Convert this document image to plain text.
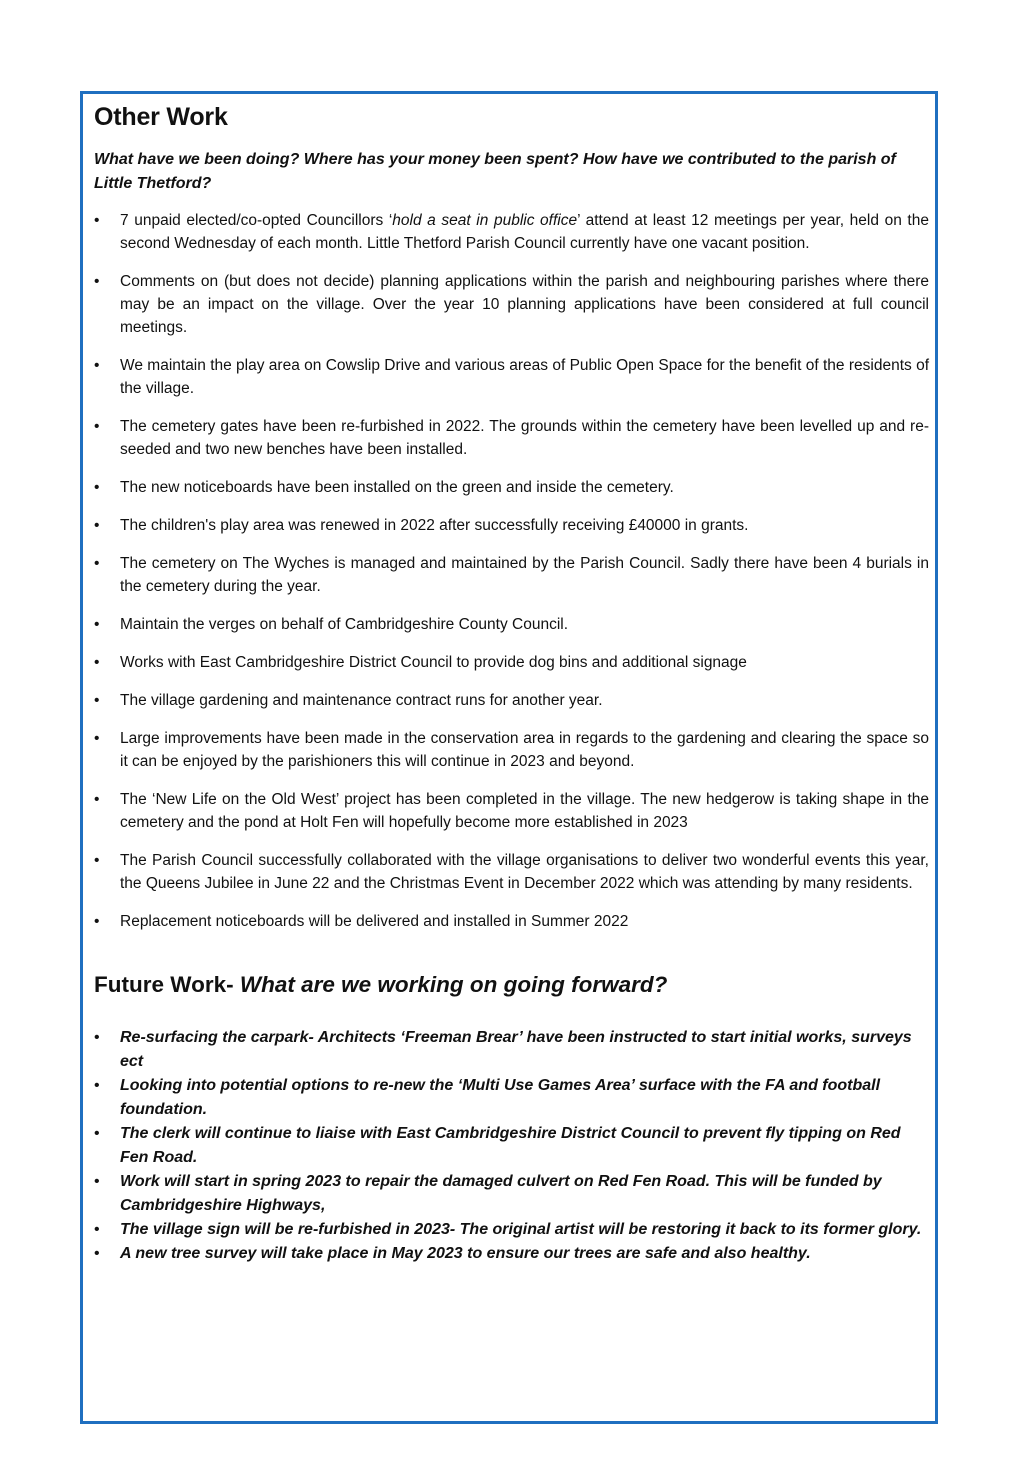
Other Work

What have we been doing? Where has your money been spent? How have we contributed to the parish of Little Thetford?

• 7 unpaid elected/co-opted Councillors ‘hold a seat in public office’ attend at least 12 meetings per year, held on the second Wednesday of each month. Little Thetford Parish Council currently have one vacant position.
• Comments on (but does not decide) planning applications within the parish and neighbouring parishes where there may be an impact on the village. Over the year 10 planning applications have been considered at full council meetings.
• We maintain the play area on Cowslip Drive and various areas of Public Open Space for the benefit of the residents of the village.
• The cemetery gates have been re-furbished in 2022. The grounds within the cemetery have been levelled up and re-seeded and two new benches have been installed.
• The new noticeboards have been installed on the green and inside the cemetery.
• The children's play area was renewed in 2022 after successfully receiving £40000 in grants.
• The cemetery on The Wyches is managed and maintained by the Parish Council. Sadly there have been 4 burials in the cemetery during the year.
• Maintain the verges on behalf of Cambridgeshire County Council.
• Works with East Cambridgeshire District Council to provide dog bins and additional signage
• The village gardening and maintenance contract runs for another year.
• Large improvements have been made in the conservation area in regards to the gardening and clearing the space so it can be enjoyed by the parishioners this will continue in 2023 and beyond.
• The ‘New Life on the Old West’ project has been completed in the village. The new hedgerow is taking shape in the cemetery and the pond at Holt Fen will hopefully become more established in 2023
• The Parish Council successfully collaborated with the village organisations to deliver two wonderful events this year, the Queens Jubilee in June 22 and the Christmas Event in December 2022 which was attending by many residents.
• Replacement noticeboards will be delivered and installed in Summer 2022
Future Work- What are we working on going forward?
• Re-surfacing the carpark- Architects ‘Freeman Brear’ have been instructed to start initial works, surveys ect
• Looking into potential options to re-new the ‘Multi Use Games Area’ surface with the FA and football foundation.
• The clerk will continue to liaise with East Cambridgeshire District Council to prevent fly tipping on Red Fen Road.
• Work will start in spring 2023 to repair the damaged culvert on Red Fen Road. This will be funded by Cambridgeshire Highways,
• The village sign will be re-furbished in 2023- The original artist will be restoring it back to its former glory.
• A new tree survey will take place in May 2023 to ensure our trees are safe and also healthy.
